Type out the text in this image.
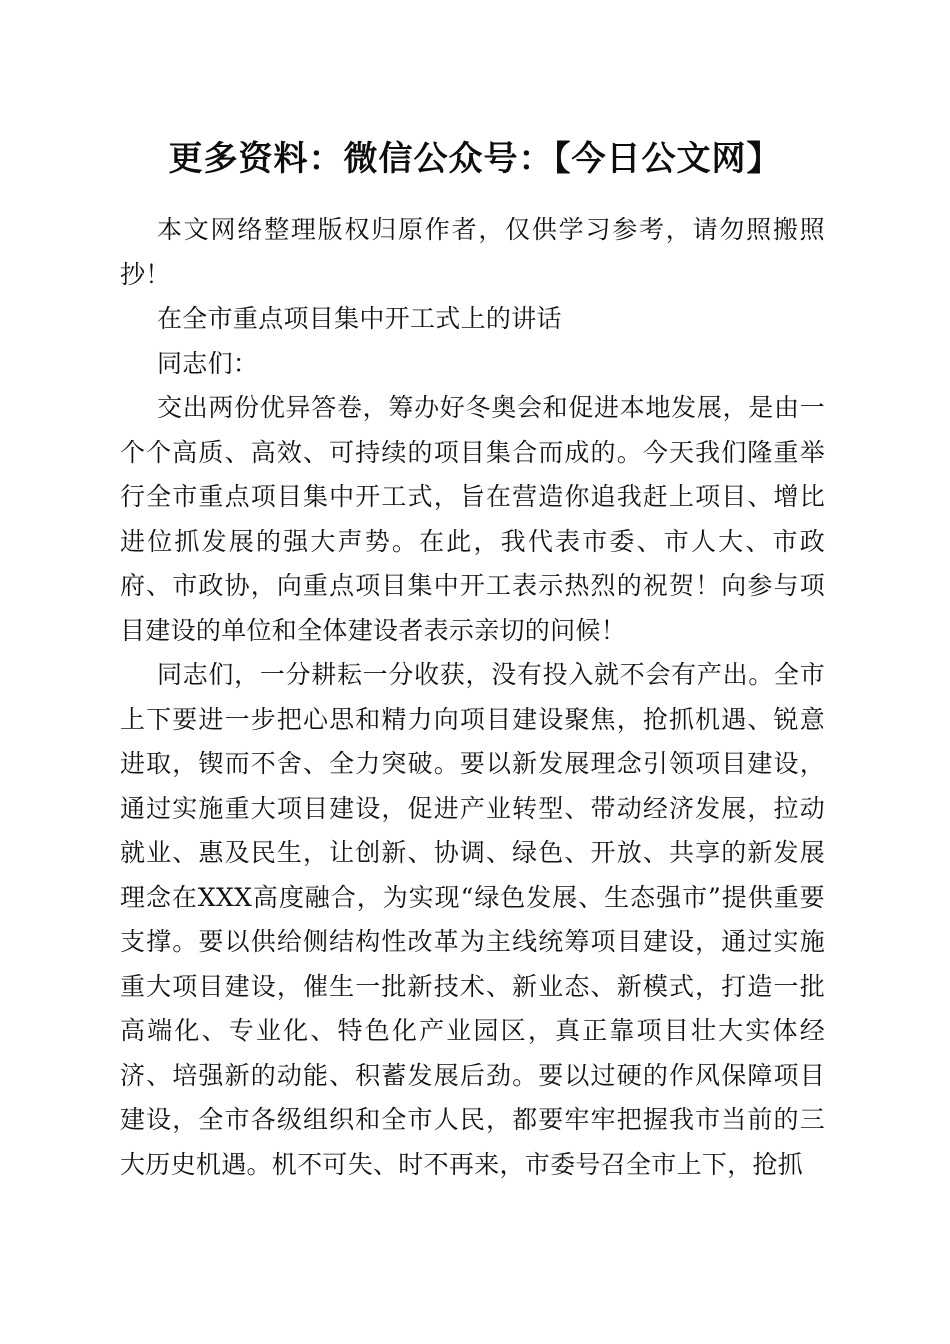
更多资料：微信公众号：【今日公文网】

本文网络整理版权归原作者，仅供学习参考，请勿照搬照抄！

在全市重点项目集中开工式上的讲话

同志们：

交出两份优异答卷，筹办好冬奥会和促进本地发展，是由一个个高质、高效、可持续的项目集合而成的。今天我们隆重举行全市重点项目集中开工式，旨在营造你追我赶上项目、增比进位抓发展的强大声势。在此，我代表市委、市人大、市政府、市政协，向重点项目集中开工表示热烈的祝贺！向参与项目建设的单位和全体建设者表示亲切的问候！

同志们，一分耕耘一分收获，没有投入就不会有产出。全市上下要进一步把心思和精力向项目建设聚焦，抢抓机遇、锐意进取，锲而不舍、全力突破。要以新发展理念引领项目建设，通过实施重大项目建设，促进产业转型、带动经济发展，拉动就业、惠及民生，让创新、协调、绿色、开放、共享的新发展理念在XXX高度融合，为实现“绿色发展、生态强市”提供重要支撑。要以供给侧结构性改革为主线统筹项目建设，通过实施重大项目建设，催生一批新技术、新业态、新模式，打造一批高端化、专业化、特色化产业园区，真正靠项目壮大实体经济、培强新的动能、积蓄发展后劲。要以过硬的作风保障项目建设，全市各级组织和全市人民，都要牢牢把握我市当前的三大历史机遇。机不可失、时不再来，市委号召全市上下，抢抓
